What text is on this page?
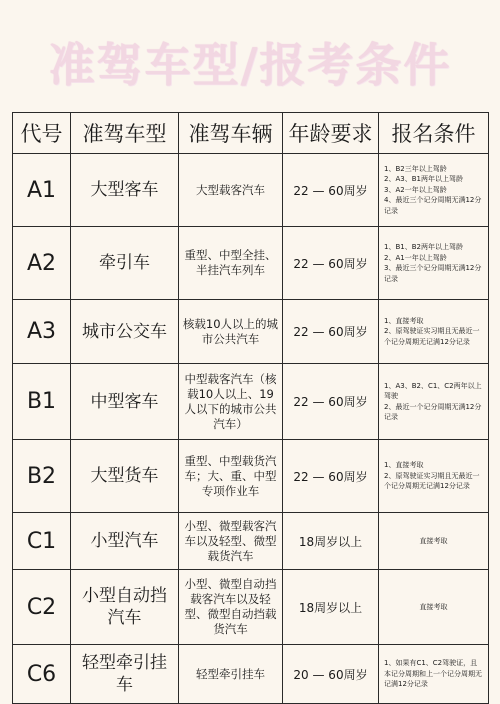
准驾车型/报考条件
代号	准驾车型	准驾车辆	年龄要求	报名条件
A1	大型客车	大型载客汽车	22 — 60周岁	1、B2三年以上驾龄
2、A3、B1两年以上驾龄
3、A2一年以上驾龄
4、最近三个记分周期无满12分记录

A2	牵引车	重型、中型全挂、半挂汽车列车	22 — 60周岁	1、B1、B2两年以上驾龄
2、A1一年以上驾龄
3、最近三个记分周期无满12分记录

A3	城市公交车	核载10人以上的城市公共汽车	22 — 60周岁	1、直接考取
2、原驾驶证实习期且无最近一个记分周期无记满12分记录

B1	中型客车	中型载客汽车（核载10人以上、19人以下的城市公共汽车）	22 — 60周岁	1、A3、B2、C1、C2两年以上驾驶
2、最近一个记分周期无满12分记录

B2	大型货车	重型、中型载货汽车；大、重、中型专项作业车	22 — 60周岁	1、直接考取
2、原驾驶证实习期且无最近一个记分周期无记满12分记录

C1	小型汽车	小型、微型载客汽车以及轻型、微型载货汽车	18周岁以上	直接考取

C2	小型自动挡汽车	小型、微型自动挡载客汽车以及轻型、微型自动挡载货汽车	18周岁以上	直接考取

C6	轻型牵引挂车	轻型牵引挂车	20 — 60周岁	1、如果有C1、C2驾驶证，且本记分周期和上一个记分周期无记满12分记录
